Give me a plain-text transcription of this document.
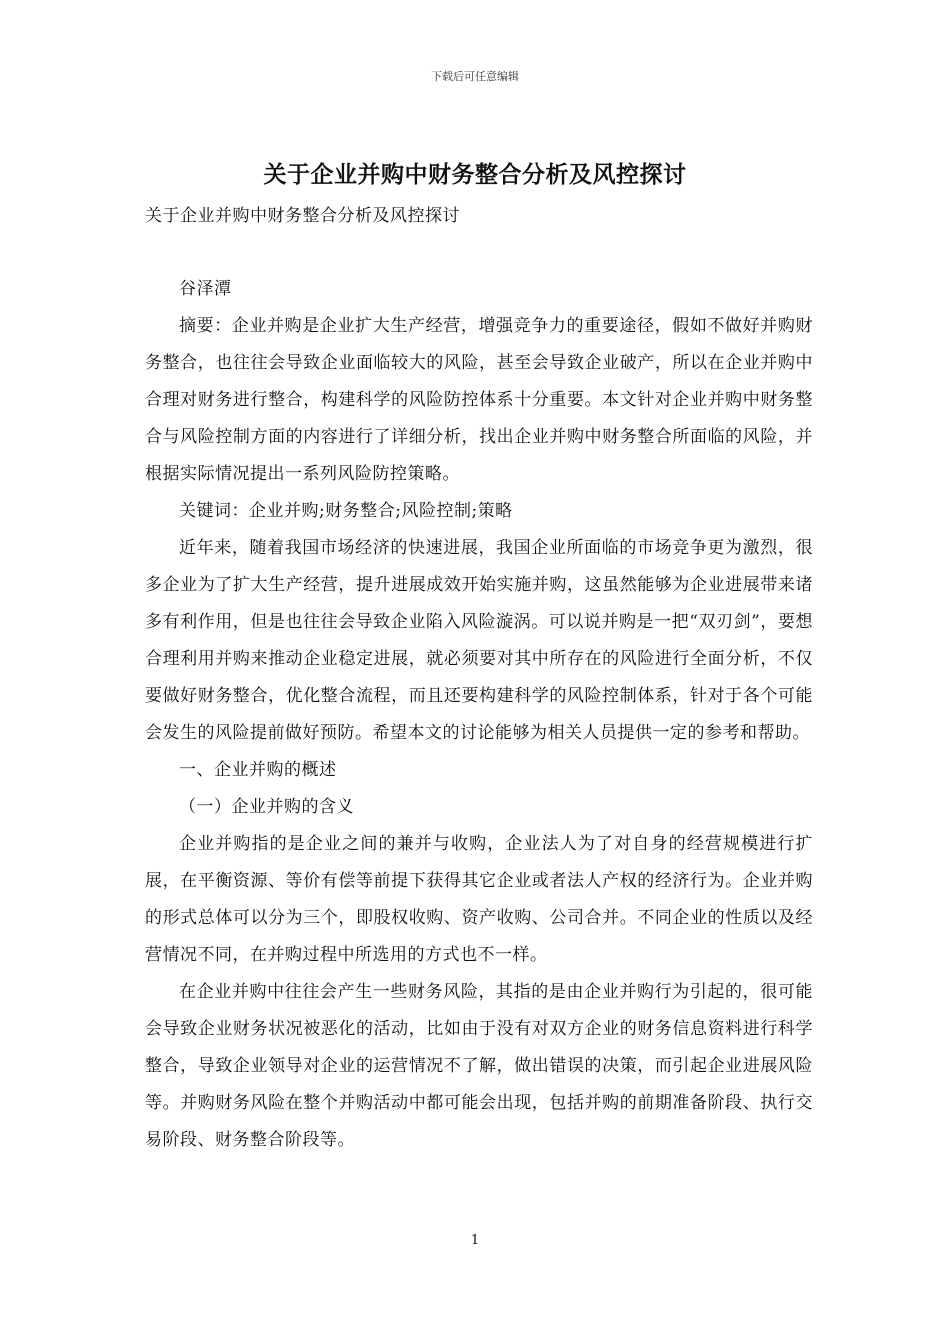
下载后可任意编辑
关于企业并购中财务整合分析及风控探讨
关于企业并购中财务整合分析及风控探讨

谷泽潭

摘要：企业并购是企业扩大生产经营，增强竞争力的重要途径，假如不做好并购财务整合，也往往会导致企业面临较大的风险，甚至会导致企业破产，所以在企业并购中合理对财务进行整合，构建科学的风险防控体系十分重要。本文针对企业并购中财务整合与风险控制方面的内容进行了详细分析，找出企业并购中财务整合所面临的风险，并根据实际情况提出一系列风险防控策略。

关键词：企业并购;财务整合;风险控制;策略

近年来，随着我国市场经济的快速进展，我国企业所面临的市场竞争更为激烈，很多企业为了扩大生产经营，提升进展成效开始实施并购，这虽然能够为企业进展带来诸多有利作用，但是也往往会导致企业陷入风险漩涡。可以说并购是一把“双刃剑”，要想合理利用并购来推动企业稳定进展，就必须要对其中所存在的风险进行全面分析，不仅要做好财务整合，优化整合流程，而且还要构建科学的风险控制体系，针对于各个可能会发生的风险提前做好预防。希望本文的讨论能够为相关人员提供一定的参考和帮助。

一、企业并购的概述

（一）企业并购的含义

企业并购指的是企业之间的兼并与收购，企业法人为了对自身的经营规模进行扩展，在平衡资源、等价有偿等前提下获得其它企业或者法人产权的经济行为。企业并购的形式总体可以分为三个，即股权收购、资产收购、公司合并。不同企业的性质以及经营情况不同，在并购过程中所选用的方式也不一样。

在企业并购中往往会产生一些财务风险，其指的是由企业并购行为引起的，很可能会导致企业财务状况被恶化的活动，比如由于没有对双方企业的财务信息资料进行科学整合，导致企业领导对企业的运营情况不了解，做出错误的决策，而引起企业进展风险等。并购财务风险在整个并购活动中都可能会出现，包括并购的前期准备阶段、执行交易阶段、财务整合阶段等。

1
